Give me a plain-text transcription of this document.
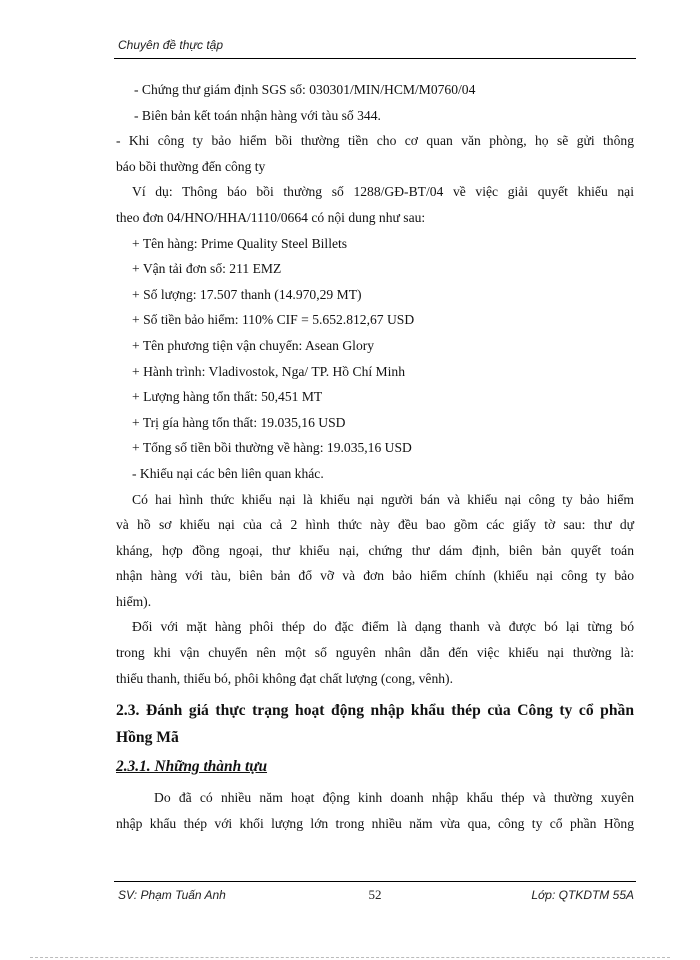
Chuyên đề thực tập
- Chứng thư giám định SGS số: 030301/MIN/HCM/M0760/04
- Biên bản kết toán nhận hàng với tàu số 344.
- Khi công ty bảo hiểm bồi thường tiền cho cơ quan văn phòng, họ sẽ gửi thông
báo bồi thường đến công ty
Ví dụ: Thông báo bồi thường số 1288/GĐ-BT/04 về việc giải quyết khiếu nại
theo đơn 04/HNO/HHA/1110/0664 có nội dung như sau:
+ Tên hàng: Prime Quality Steel Billets
+ Vận tải đơn số: 211 EMZ
+ Số lượng: 17.507 thanh (14.970,29 MT)
+ Số tiền bảo hiểm: 110% CIF = 5.652.812,67 USD
+ Tên phương tiện vận chuyển: Asean Glory
+ Hành trình: Vladivostok, Nga/ TP. Hồ Chí Minh
+ Lượng hàng tổn thất: 50,451 MT
+ Trị gía hàng tổn thất: 19.035,16 USD
+ Tổng số tiền bồi thường về hàng: 19.035,16 USD
- Khiếu nại các bên liên quan khác.
Có hai hình thức khiếu nại là khiếu nại người bán và khiếu nại công ty bảo hiểm
và hồ sơ khiếu nại của cả 2 hình thức này đều bao gồm các giấy tờ sau: thư dự
kháng, hợp đồng ngoại, thư khiếu nại, chứng thư dám định, biên bản quyết toán
nhận hàng với tàu, biên bản đổ vỡ và đơn bảo hiểm chính (khiếu nại công ty bảo
hiểm).
Đối với mặt hàng phôi thép do đặc điểm là dạng thanh và được bó lại từng bó
trong khi vận chuyển nên một số nguyên nhân dẫn đến việc khiếu nại thường là:
thiếu thanh, thiếu bó, phôi không đạt chất lượng (cong, vênh).
2.3. Đánh giá thực trạng hoạt động nhập khẩu thép của Công ty cổ phần
Hồng Mã
2.3.1. Những thành tựu
Do đã có nhiều năm hoạt động kinh doanh nhập khẩu thép và thường xuyên
nhập khẩu thép với khối lượng lớn trong nhiều năm vừa qua, công ty cổ phần Hồng
SV: Phạm Tuấn Anh	52	Lớp: QTKDTM 55A
